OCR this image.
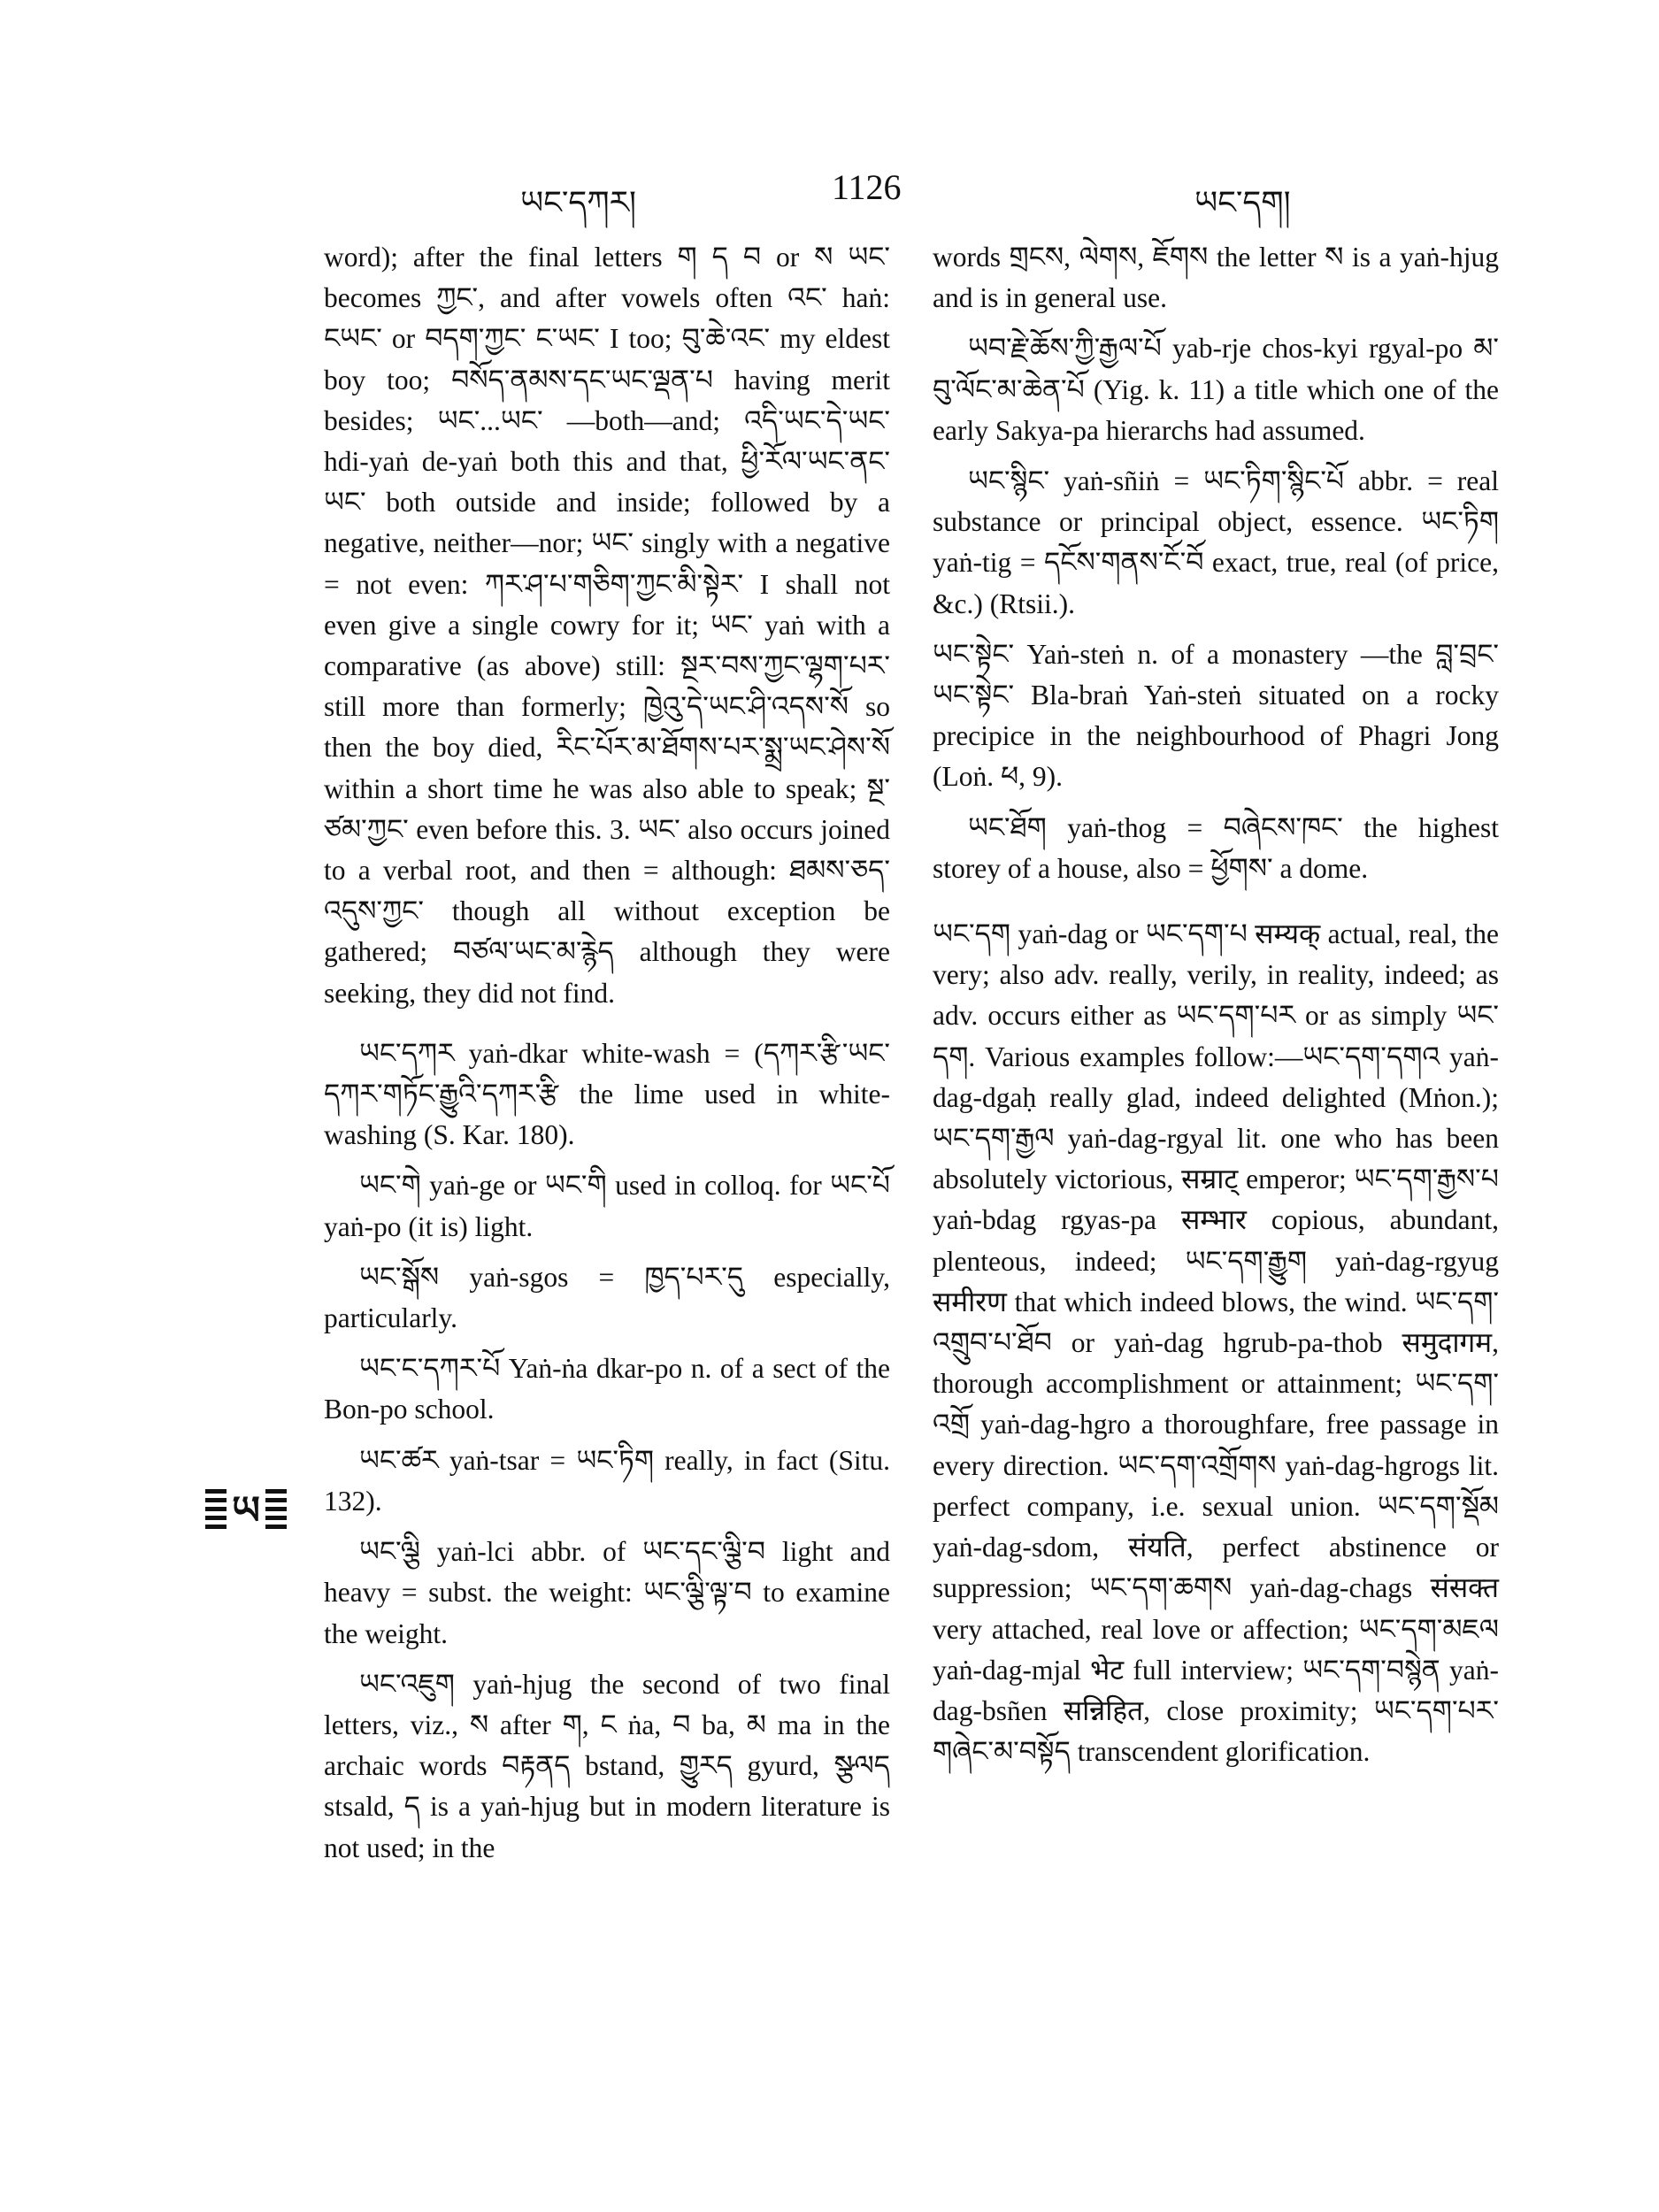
ཡང་དཀར།	1126	ཡང་དག།
ཡ

word); after the final letters ག ད བ or ས ཡང་ becomes ཀྱང་, and after vowels often འང་ haṅ: ངཡང་ or བདག་ཀྱང་ ང་ཡང་ I too; བུ་ཆེ་འང་ my eldest boy too; བསོད་ནམས་དང་ཡང་ལྡན་པ having merit besides; ཡང་...ཡང་ —both—and; འདི་ཡང་དེ་ཡང་ hdi-yaṅ de-yaṅ both this and that, ཕྱི་རོལ་ཡང་ནང་ཡང་ both outside and inside; followed by a negative, neither—nor; ཡང་ singly with a negative = not even: ཀར་ཤ་པ་གཅིག་ཀྱང་མི་སྟེར་ I shall not even give a single cowry for it; ཡང་ yaṅ with a comparative (as above) still: སྔར་བས་ཀྱང་ལྷག་པར་ still more than formerly; ཁྱེའུ་དེ་ཡང་ཤི་འདས་སོ so then the boy died, རིང་པོར་མ་ཐོགས་པར་སྨྲ་ཡང་ཤེས་སོ within a short time he was also able to speak; སྔ་ཙམ་ཀྱང་ even before this. 3. ཡང་ also occurs joined to a verbal root, and then = although: ཐམས་ཅད་འདུས་ཀྱང་ though all without exception be gathered; བཙལ་ཡང་མ་རྙེད although they were seeking, they did not find.

ཡང་དཀར yaṅ-dkar white-wash = (དཀར་རྩི་ཡང་དཀར་གཏོང་རྒྱུའི་དཀར་རྩི the lime used in white-washing (S. Kar. 180).

ཡང་གེ yaṅ-ge or ཡང་གི used in colloq. for ཡང་པོ yaṅ-po (it is) light.

ཡང་སྒོས yaṅ-sgos = ཁྱད་པར་དུ especially, particularly.

ཡང་ང་དཀར་པོ Yaṅ-ṅa dkar-po n. of a sect of the Bon-po school.

ཡང་ཚར yaṅ-tsar = ཡང་ཏིག really, in fact (Situ. 132).

ཡང་ལྕི yaṅ-lci abbr. of ཡང་དང་ལྕི་བ light and heavy = subst. the weight: ཡང་ལྕི་ལྟ་བ to examine the weight.

ཡང་འཇུག yaṅ-hjug the second of two final letters, viz., ས after ག, ང ṅa, བ ba, མ ma in the archaic words བརྟནད bstand, གྱུརད gyurd, སྩལད stsald, ད is a yaṅ-hjug but in modern literature is not used; in the

words གྲངས, ལེགས, ཇོགས the letter ས is a yaṅ-hjug and is in general use.

ཡབ་རྗེ་ཆོས་ཀྱི་རྒྱལ་པོ yab-rje chos-kyi rgyal-po མ་བུ་ལོང་མ་ཆེན་པོ (Yig. k. 11) a title which one of the early Sakya-pa hierarchs had assumed.

ཡང་སྙིང་ yaṅ-sñiṅ = ཡང་ཏིག་སྙིང་པོ abbr. = real substance or principal object, essence. ཡང་ཏིག yaṅ-tig = དངོས་གནས་ངོ་བོ exact, true, real (of price, &c.) (Rtsii.).

ཡང་སྟེང་ Yaṅ-steṅ n. of a monastery —the བླ་བྲང་ཡང་སྟེང་ Bla-braṅ Yaṅ-steṅ situated on a rocky precipice in the neighbourhood of Phagri Jong (Loṅ. ཕ, 9).

ཡང་ཐོག yaṅ-thog = བཞེངས་ཁང་ the highest storey of a house, also = ཕྱོགས་ a dome.

ཡང་དག yaṅ-dag or ཡང་དག་པ सम्यक् actual, real, the very; also adv. really, verily, in reality, indeed; as adv. occurs either as ཡང་དག་པར or as simply ཡང་དག. Various examples follow:—ཡང་དག་དགའ yaṅ-dag-dgaḥ really glad, indeed delighted (Mṅon.); ཡང་དག་རྒྱལ yaṅ-dag-rgyal lit. one who has been absolutely victorious, सम्राट् emperor; ཡང་དག་རྒྱས་པ yaṅ-bdag rgyas-pa सम्भार copious, abundant, plenteous, indeed; ཡང་དག་རྒྱུག yaṅ-dag-rgyug समीरण that which indeed blows, the wind. ཡང་དག་འགྲུབ་པ་ཐོབ or yaṅ-dag hgrub-pa-thob समुदागम, thorough accomplishment or attainment; ཡང་དག་འགྲོ yaṅ-dag-hgro a thoroughfare, free passage in every direction. ཡང་དག་འགྲོགས yaṅ-dag-hgrogs lit. perfect company, i.e. sexual union. ཡང་དག་སྡོམ yaṅ-dag-sdom, संयति, perfect abstinence or suppression; ཡང་དག་ཆགས yaṅ-dag-chags संसक्त very attached, real love or affection; ཡང་དག་མཇལ yaṅ-dag-mjal भेट full interview; ཡང་དག་བསྙེན yaṅ-dag-bsñen सन्निहित, close proximity; ཡང་དག་པར་གཞེང་མ་བསྟོད transcendent glorification.
